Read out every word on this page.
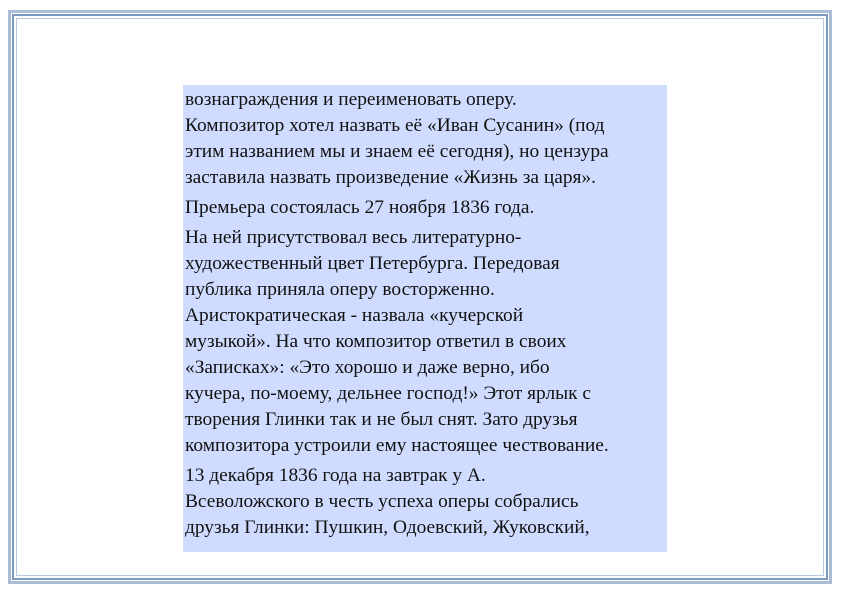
вознаграждения и переименовать оперу.
Композитор хотел назвать её «Иван Сусанин» (под
этим названием мы и знаем её сегодня), но цензура
заставила назвать произведение «Жизнь за царя».

Премьера состоялась 27 ноября 1836 года.

На ней присутствовал весь литературно-
художественный цвет Петербурга. Передовая
публика приняла оперу восторженно.
Аристократическая - назвала «кучерской
музыкой». На что композитор ответил в своих
«Записках»: «Это хорошо и даже верно, ибо
кучера, по-моему, дельнее господ!» Этот ярлык с
творения Глинки так и не был снят. Зато друзья
композитора устроили ему настоящее чествование.

13 декабря 1836 года на завтрак у А.
Всеволожского в честь успеха оперы собрались
друзья Глинки: Пушкин, Одоевский, Жуковский,
